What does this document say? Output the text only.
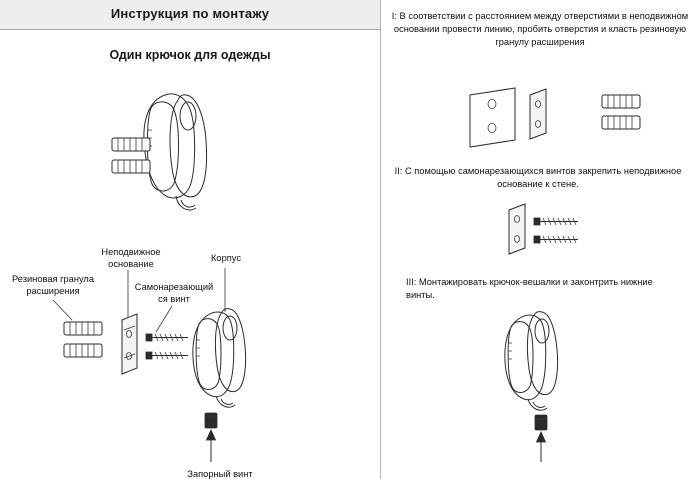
Инструкция по монтажу
Один крючок для одежды
I: В соответствии с расстоянием между отверстиями в неподвижном основании провести линию, пробить отверстия и класть резиновую гранулу расширения
II: С помощью самонарезающихся винтов закрепить неподвижное основание к стене.
III: Монтажировать крючок-вешалки и законтрить нижние винты.
Резиновая гранула расширения
Неподвижное основание
Самонарезающий ся винт
Корпус
Запорный винт
